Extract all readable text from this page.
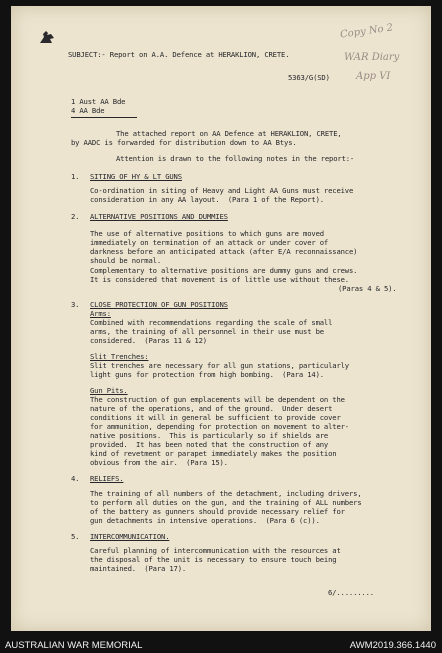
Copy No 2
WAR Diary
App VI
SUBJECT:- Report on A.A. Defence at HERAKLION, CRETE.
5363/G(SD)
1 Aust AA Bde
4 AA Bde
The attached report on AA Defence at HERAKLION, CRETE,
by AADC is forwarded for distribution down to AA Btys.
Attention is drawn to the following notes in the report:-
1. SITING OF HY & LT GUNS
Co-ordination in siting of Heavy and Light AA Guns must receive
consideration in any AA layout.  (Para 1 of the Report).
2. ALTERNATIVE POSITIONS AND DUMMIES
The use of alternative positions to which guns are moved
immediately on termination of an attack or under cover of
darkness before an anticipated attack (after E/A reconnaissance)
should be normal.
Complementary to alternative positions are dummy guns and crews.
It is considered that movement is of little use without these.
(Paras 4 & 5).
3. CLOSE PROTECTION OF GUN POSITIONS
Arms:
Combined with recommendations regarding the scale of small
arms, the training of all personnel in their use must be
considered.  (Paras 11 & 12)
Slit Trenches:
Slit trenches are necessary for all gun stations, particularly
light guns for protection from high bombing.  (Para 14).
Gun Pits.
The construction of gun emplacements will be dependent on the
nature of the operations, and of the ground.  Under desert
conditions it will in general be sufficient to provide cover
for ammunition, depending for protection on movement to alter-
native positions.  This is particularly so if shields are
provided.  It has been noted that the construction of any
kind of revetment or parapet immediately makes the position
obvious from the air.  (Para 15).
4. RELIEFS.
The training of all numbers of the detachment, including drivers,
to perform all duties on the gun, and the training of ALL numbers
of the battery as gunners should provide necessary relief for
gun detachments in intensive operations.  (Para 6 (c)).
5. INTERCOMMUNICATION.
Careful planning of intercommunication with the resources at
the disposal of the unit is necessary to ensure touch being
maintained.  (Para 17).
6/.........
AUSTRALIAN WAR MEMORIAL	AWM2019.366.1440
